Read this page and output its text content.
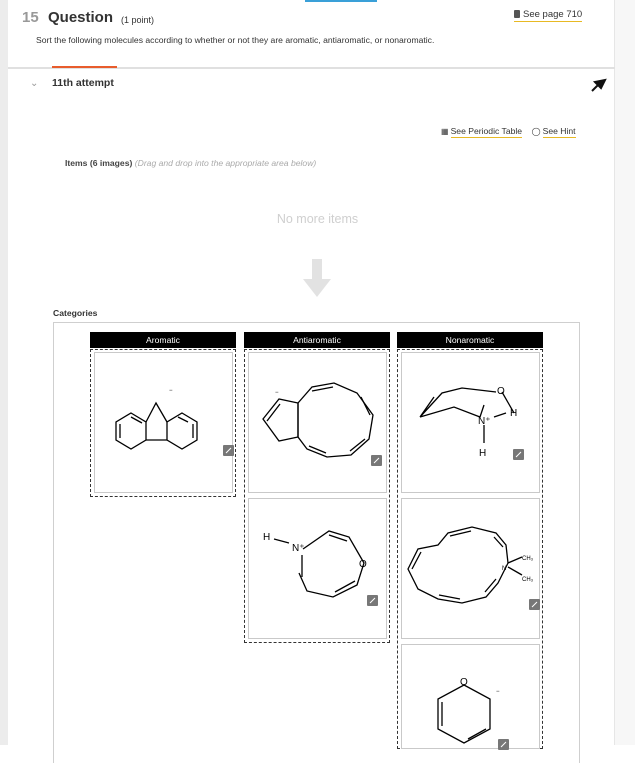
15 Question (1 point)	See page 710
Sort the following molecules according to whether or not they are aromatic, antiaromatic, or nonaromatic.
⌄ 11th attempt
▦ See Periodic Table ◯ See Hint
Items (6 images) (Drag and drop into the appropriate area below)
No more items
Categories
Aromatic	Antiaromatic	Nonaromatic
−	−	O
N⁺
H
H
H
N⁺
O	N
CH₃
CH₃
O
−
